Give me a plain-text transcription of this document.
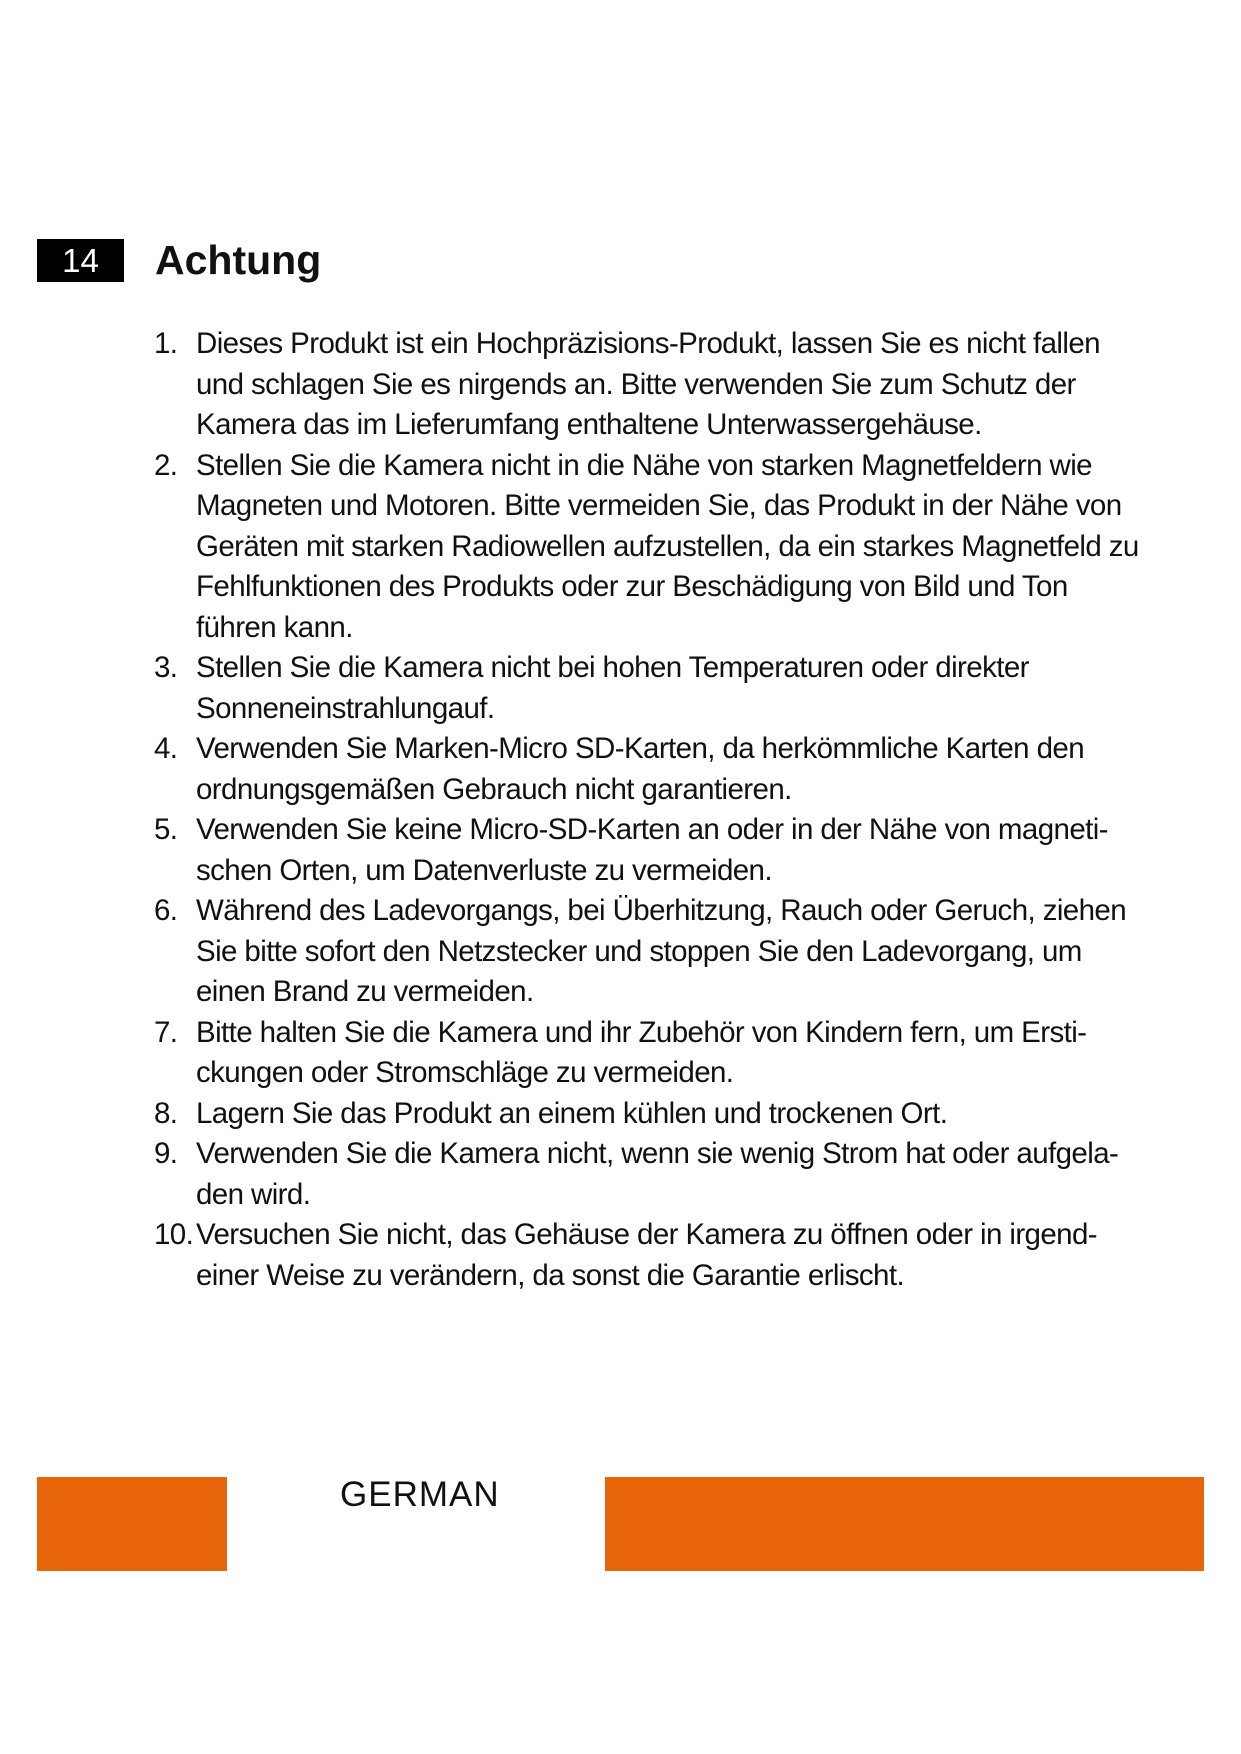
14	Achtung
1. Dieses Produkt ist ein Hochpräzisions-Produkt, lassen Sie es nicht fallen und schlagen Sie es nirgends an. Bitte verwenden Sie zum Schutz der Kamera das im Lieferumfang enthaltene Unterwassergehäuse.
2. Stellen Sie die Kamera nicht in die Nähe von starken Magnetfeldern wie Magneten und Motoren. Bitte vermeiden Sie, das Produkt in der Nähe von Geräten mit starken Radiowellen aufzustellen, da ein starkes Magnetfeld zu Fehlfunktionen des Produkts oder zur Beschädigung von Bild und Ton führen kann.
3. Stellen Sie die Kamera nicht bei hohen Temperaturen oder direkter Sonneneinstrahlungauf.
4. Verwenden Sie Marken-Micro SD-Karten, da herkömmliche Karten den ordnungsgemäßen Gebrauch nicht garantieren.
5. Verwenden Sie keine Micro-SD-Karten an oder in der Nähe von magneti- schen Orten, um Datenverluste zu vermeiden.
6. Während des Ladevorgangs, bei Überhitzung, Rauch oder Geruch, ziehen Sie bitte sofort den Netzstecker und stoppen Sie den Ladevorgang, um einen Brand zu vermeiden.
7. Bitte halten Sie die Kamera und ihr Zubehör von Kindern fern, um Ersti- ckungen oder Stromschläge zu vermeiden.
8. Lagern Sie das Produkt an einem kühlen und trockenen Ort.
9. Verwenden Sie die Kamera nicht, wenn sie wenig Strom hat oder aufgela- den wird.
10. Versuchen Sie nicht, das Gehäuse der Kamera zu öffnen oder in irgend- einer Weise zu verändern, da sonst die Garantie erlischt.
GERMAN
